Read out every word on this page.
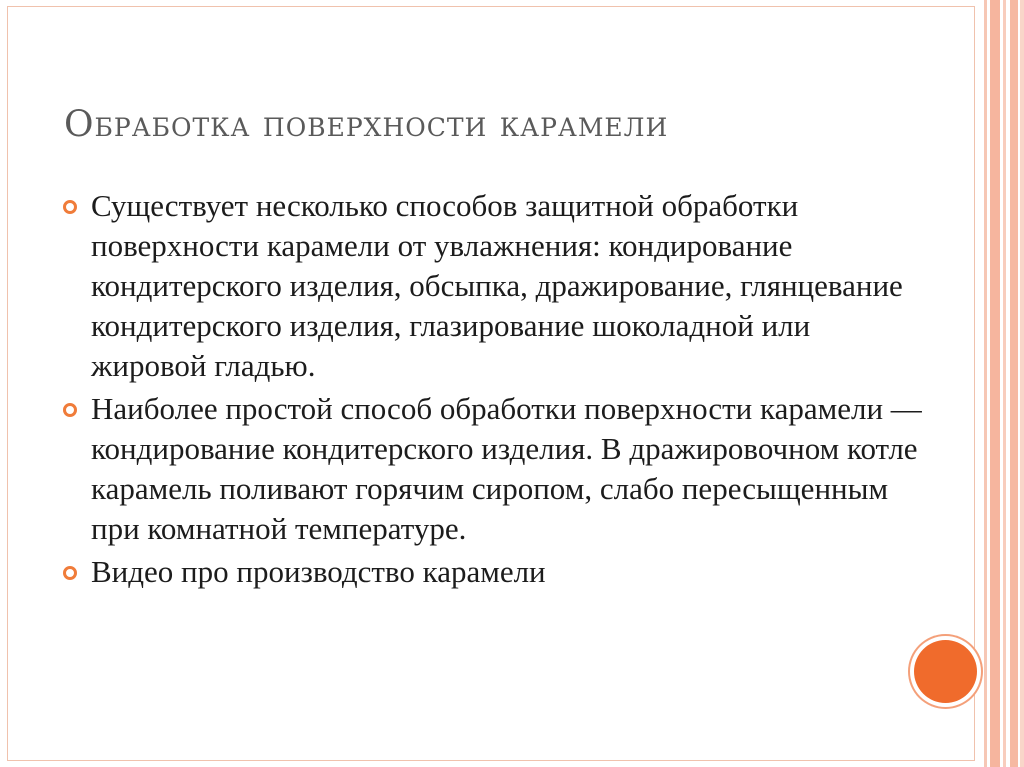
Обработка поверхности карамели
Существует несколько способов защитной обработки поверхности карамели от увлажнения: кондирование кондитерского изделия, обсыпка, дражирование, глянцевание кондитерского изделия, глазирование шоколадной или жировой гладью.
Наиболее простой способ обработки поверхности карамели — кондирование кондитерского изделия. В дражировочном котле карамель поливают горячим сиропом, слабо пересыщенным при комнатной температуре.
Видео про производство карамели
